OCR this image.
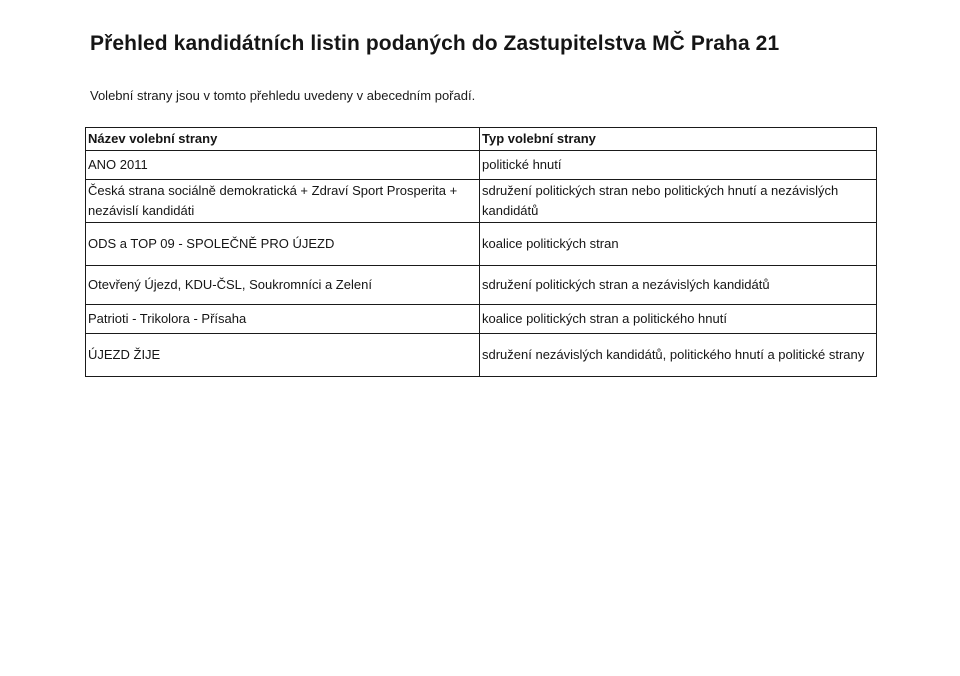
Přehled kandidátních listin podaných do Zastupitelstva MČ Praha 21

Volební strany jsou v tomto přehledu uvedeny v abecedním pořadí.

Název volební strany	Typ volební strany
ANO 2011	politické hnutí
Česká strana sociálně demokratická + Zdraví Sport Prosperita + nezávislí kandidáti	sdružení politických stran nebo politických hnutí a nezávislých kandidátů
ODS a TOP 09 - SPOLEČNĚ PRO ÚJEZD	koalice politických stran
Otevřený Újezd, KDU-ČSL, Soukromníci a Zelení	sdružení politických stran a nezávislých kandidátů
Patrioti - Trikolora - Přísaha	koalice politických stran a politického hnutí
ÚJEZD ŽIJE	sdružení nezávislých kandidátů, politického hnutí a politické strany
